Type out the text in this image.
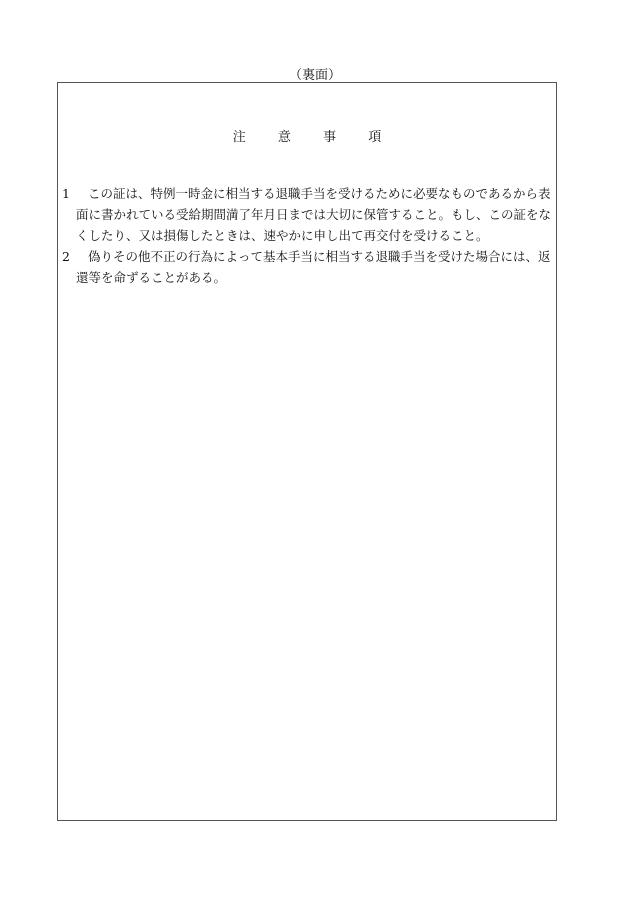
（裏面）
注 意 事 項
1	この証は、特例一時金に相当する退職手当を受けるために必要なものであるから表面に書かれている受給期間満了年月日までは大切に保管すること。もし、この証をなくしたり、又は損傷したときは、速やかに申し出て再交付を受けること。
2	偽りその他不正の行為によって基本手当に相当する退職手当を受けた場合には、返還等を命ずることがある。
